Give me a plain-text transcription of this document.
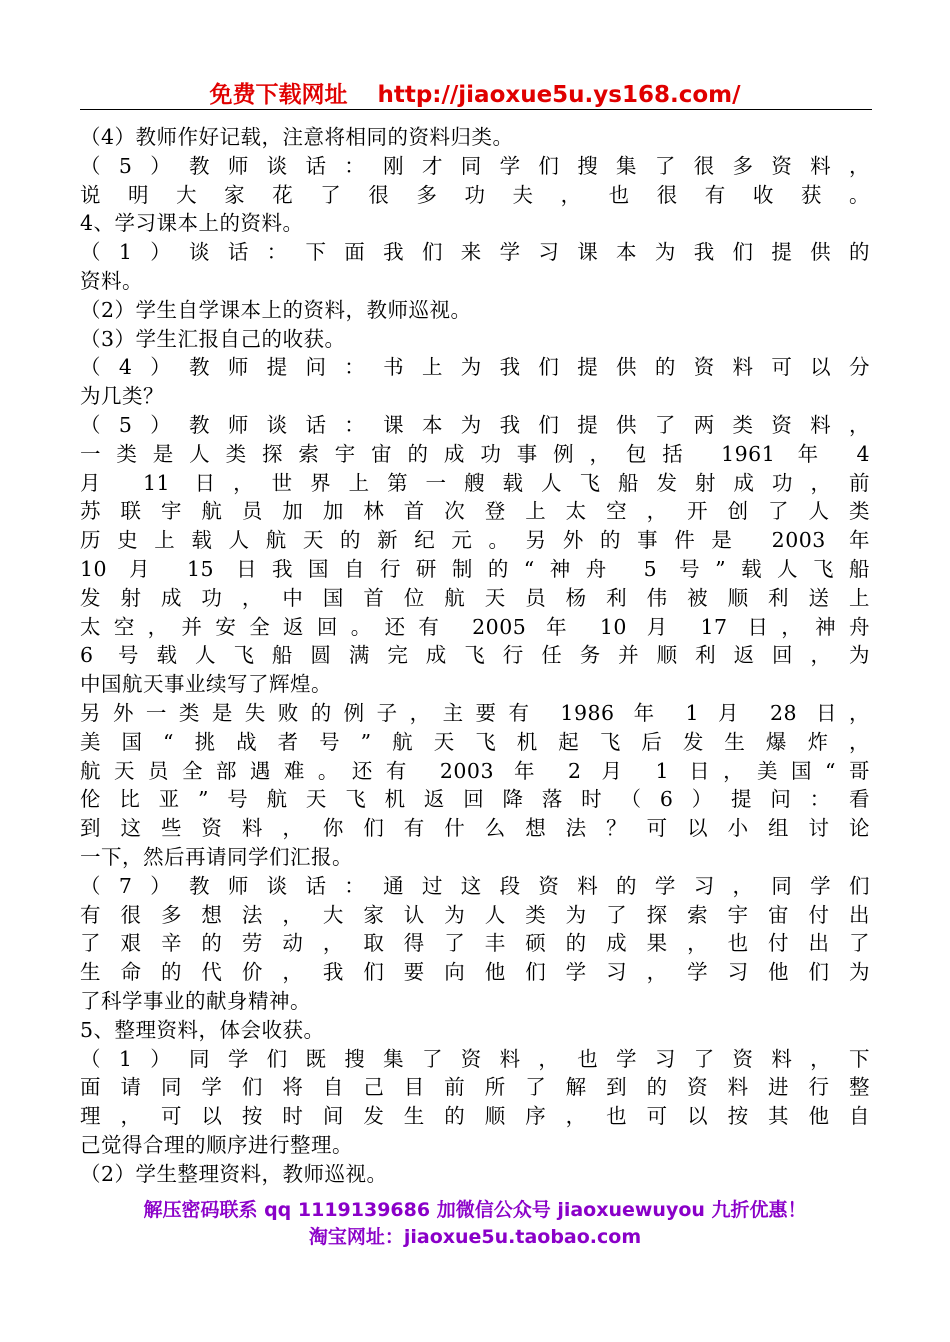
免费下载网址 http://jiaoxue5u.ys168.com/
（4）教师作好记载，注意将相同的资料归类。
（5）教师谈话：刚才同学们搜集了很多资料，
说明大家花了很多功夫，也很有收获。
4、学习课本上的资料。
（1）谈话：下面我们来学习课本为我们提供的
资料。
（2）学生自学课本上的资料，教师巡视。
（3）学生汇报自己的收获。
（4）教师提问：书上为我们提供的资料可以分
为几类？
（5）教师谈话：课本为我们提供了两类资料，
一类是人类探索宇宙的成功事例，包括 1961 年 4
月 11 日，世界上第一艘载人飞船发射成功，前
苏联宇航员加加林首次登上太空，开创了人类
历史上载人航天的新纪元。另外的事件是 2003 年
10 月 15 日我国自行研制的“神舟 5 号”载人飞船
发射成功，中国首位航天员杨利伟被顺利送上
太空，并安全返回。还有 2005 年 10 月 17 日，神舟
6 号载人飞船圆满完成飞行任务并顺利返回，为
中国航天事业续写了辉煌。
另外一类是失败的例子，主要有 1986 年 1 月 28 日，
美国“挑战者号”航天飞机起飞后发生爆炸，
航天员全部遇难。还有 2003 年 2 月 1 日，美国“哥
伦比亚”号航天飞机返回降落时（6）提问：看
到这些资料，你们有什么想法？可以小组讨论
一下，然后再请同学们汇报。
（7）教师谈话：通过这段资料的学习，同学们
有很多想法，大家认为人类为了探索宇宙付出
了艰辛的劳动，取得了丰硕的成果，也付出了
生命的代价，我们要向他们学习，学习他们为
了科学事业的献身精神。
5、整理资料，体会收获。
（1）同学们既搜集了资料，也学习了资料，下
面请同学们将自己目前所了解到的资料进行整
理，可以按时间发生的顺序，也可以按其他自
己觉得合理的顺序进行整理。
（2）学生整理资料，教师巡视。
解压密码联系 qq 1119139686 加微信公众号 jiaoxuewuyou 九折优惠！
淘宝网址：jiaoxue5u.taobao.com
